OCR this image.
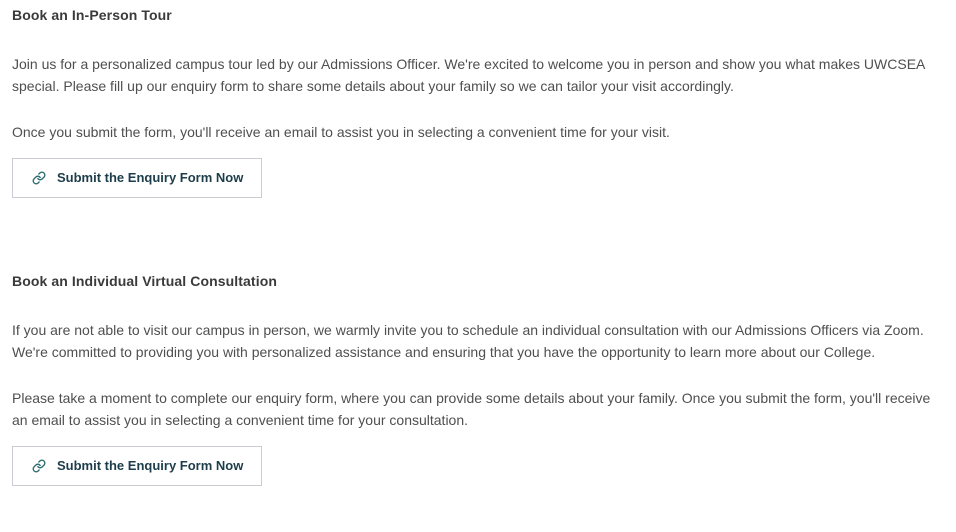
Book an In-Person Tour

Join us for a personalized campus tour led by our Admissions Officer. We're excited to welcome you in person and show you what makes UWCSEA special. Please fill up our enquiry form to share some details about your family so we can tailor your visit accordingly.

Once you submit the form, you'll receive an email to assist you in selecting a convenient time for your visit.

Submit the Enquiry Form Now
Book an Individual Virtual Consultation

If you are not able to visit our campus in person, we warmly invite you to schedule an individual consultation with our Admissions Officers via Zoom. We're committed to providing you with personalized assistance and ensuring that you have the opportunity to learn more about our College.

Please take a moment to complete our enquiry form, where you can provide some details about your family. Once you submit the form, you'll receive an email to assist you in selecting a convenient time for your consultation.

Submit the Enquiry Form Now
